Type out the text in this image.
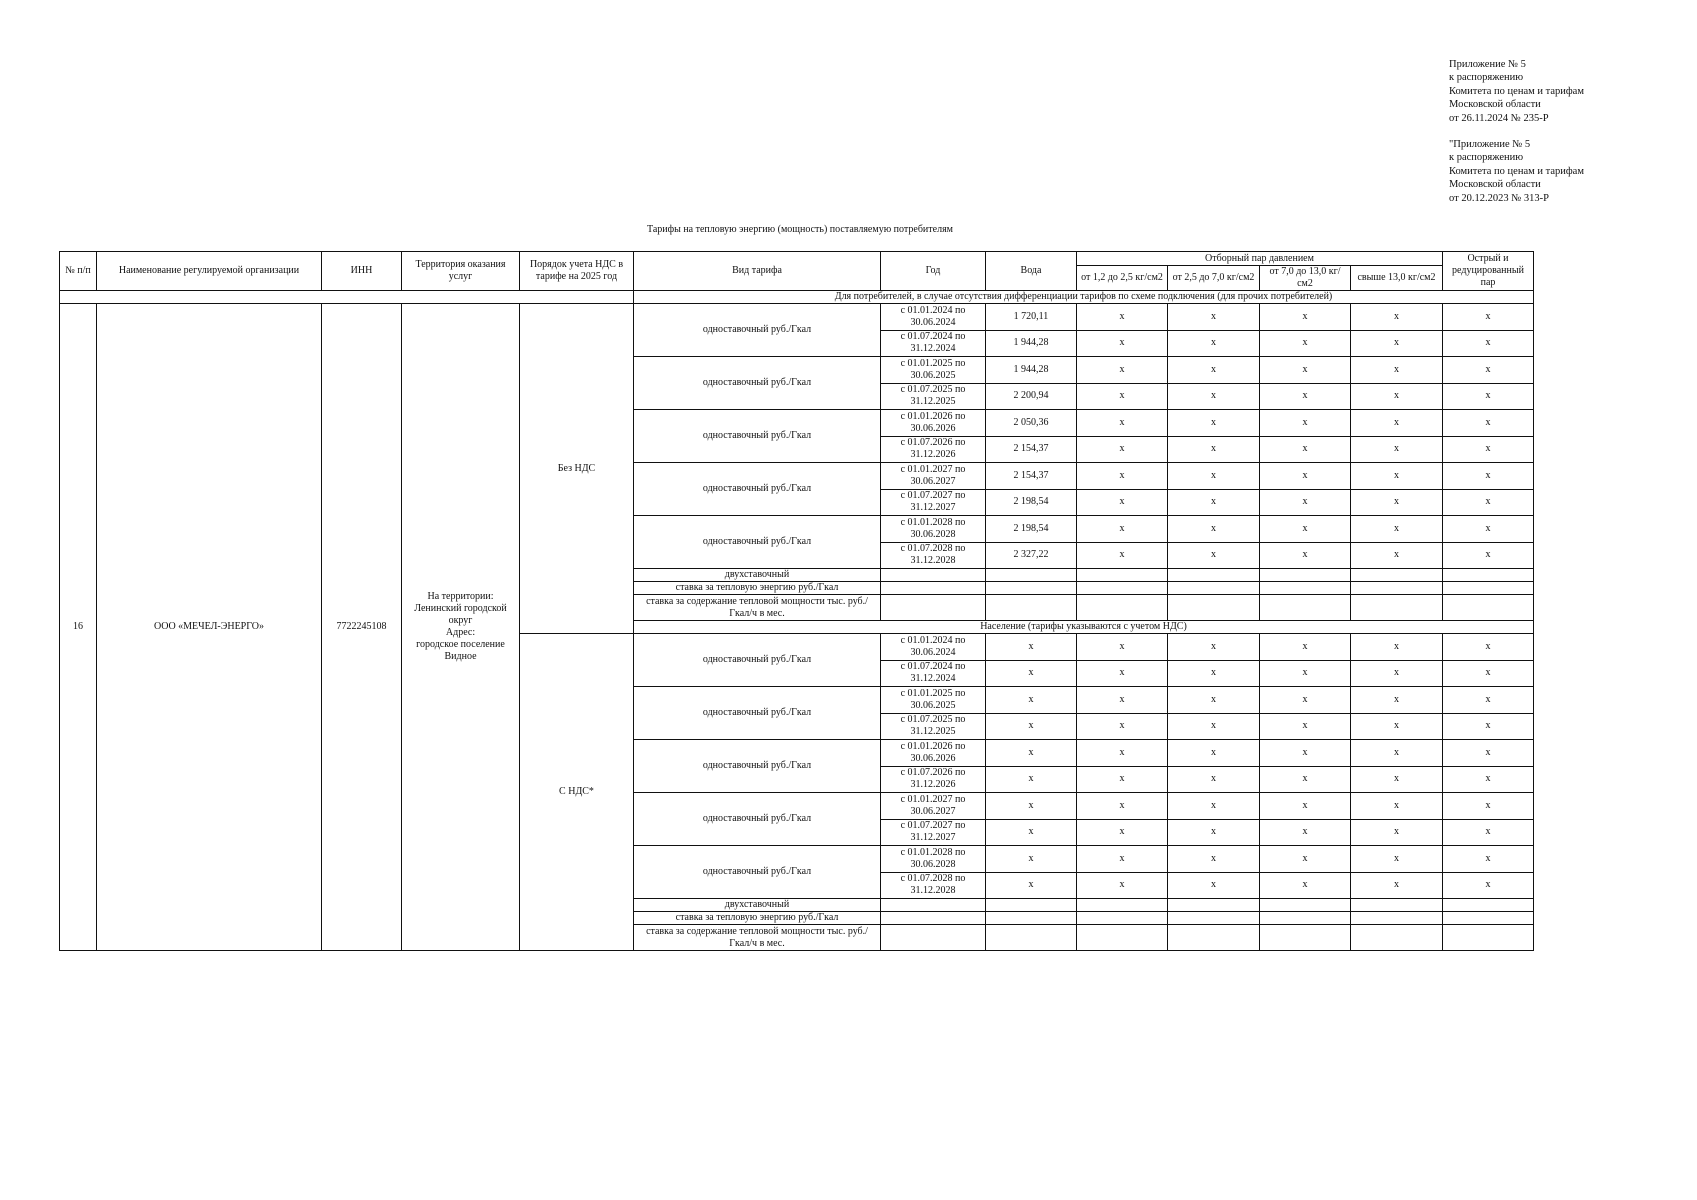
Приложение № 5
к распоряжению
Комитета по ценам и тарифам
Московской области
от 26.11.2024 № 235-Р
"Приложение № 5
к распоряжению
Комитета по ценам и тарифам
Московской области
от 20.12.2023 № 313-Р
Тарифы на тепловую энергию (мощность) поставляемую потребителям
№ п/п	Наименование регулируемой организации	ИНН	Территория оказания услуг	Порядок учета НДС в тарифе на 2025 год	Вид тарифа	Год	Вода	Отборный пар давлением				Острый и редуцированный пар
								от 1,2 до 2,5 кг/см2	от 2,5 до 7,0 кг/см2	от 7,0 до 13,0 кг/см2	свыше 13,0 кг/см2	
					Для потребителей, в случае отсутствия дифференциации тарифов по схеме подключения (для прочих потребителей)							
16	ООО «МЕЧЕЛ-ЭНЕРГО»	7722245108	На территории:
Ленинский городской округ
Адрес:
городское поселение Видное	Без НДС	одноставочный руб./Гкал	с 01.01.2024 по 30.06.2024	1 720,11	х	х	х	х	х
						с 01.07.2024 по 31.12.2024	1 944,28	х	х	х	х	х
					одноставочный руб./Гкал	с 01.01.2025 по 30.06.2025	1 944,28	х	х	х	х	х
						с 01.07.2025 по 31.12.2025	2 200,94	х	х	х	х	х
					одноставочный руб./Гкал	с 01.01.2026 по 30.06.2026	2 050,36	х	х	х	х	х
						с 01.07.2026 по 31.12.2026	2 154,37	х	х	х	х	х
					одноставочный руб./Гкал	с 01.01.2027 по 30.06.2027	2 154,37	х	х	х	х	х
						с 01.07.2027 по 31.12.2027	2 198,54	х	х	х	х	х
					одноставочный руб./Гкал	с 01.01.2028 по 30.06.2028	2 198,54	х	х	х	х	х
						с 01.07.2028 по 31.12.2028	2 327,22	х	х	х	х	х
					двухставочный							
					ставка за тепловую энергию руб./Гкал							
					ставка за содержание тепловой мощности тыс. руб./Гкал/ч в мес.							
					Население (тарифы указываются с учетом НДС)							
				С НДС*	одноставочный руб./Гкал	с 01.01.2024 по 30.06.2024	х	х	х	х	х	х
						с 01.07.2024 по 31.12.2024	х	х	х	х	х	х
					одноставочный руб./Гкал	с 01.01.2025 по 30.06.2025	х	х	х	х	х	х
						с 01.07.2025 по 31.12.2025	х	х	х	х	х	х
					одноставочный руб./Гкал	с 01.01.2026 по 30.06.2026	х	х	х	х	х	х
						с 01.07.2026 по 31.12.2026	х	х	х	х	х	х
					одноставочный руб./Гкал	с 01.01.2027 по 30.06.2027	х	х	х	х	х	х
						с 01.07.2027 по 31.12.2027	х	х	х	х	х	х
					одноставочный руб./Гкал	с 01.01.2028 по 30.06.2028	х	х	х	х	х	х
						с 01.07.2028 по 31.12.2028	х	х	х	х	х	х
					двухставочный							
					ставка за тепловую энергию руб./Гкал							
					ставка за содержание тепловой мощности тыс. руб./Гкал/ч в мес.							
